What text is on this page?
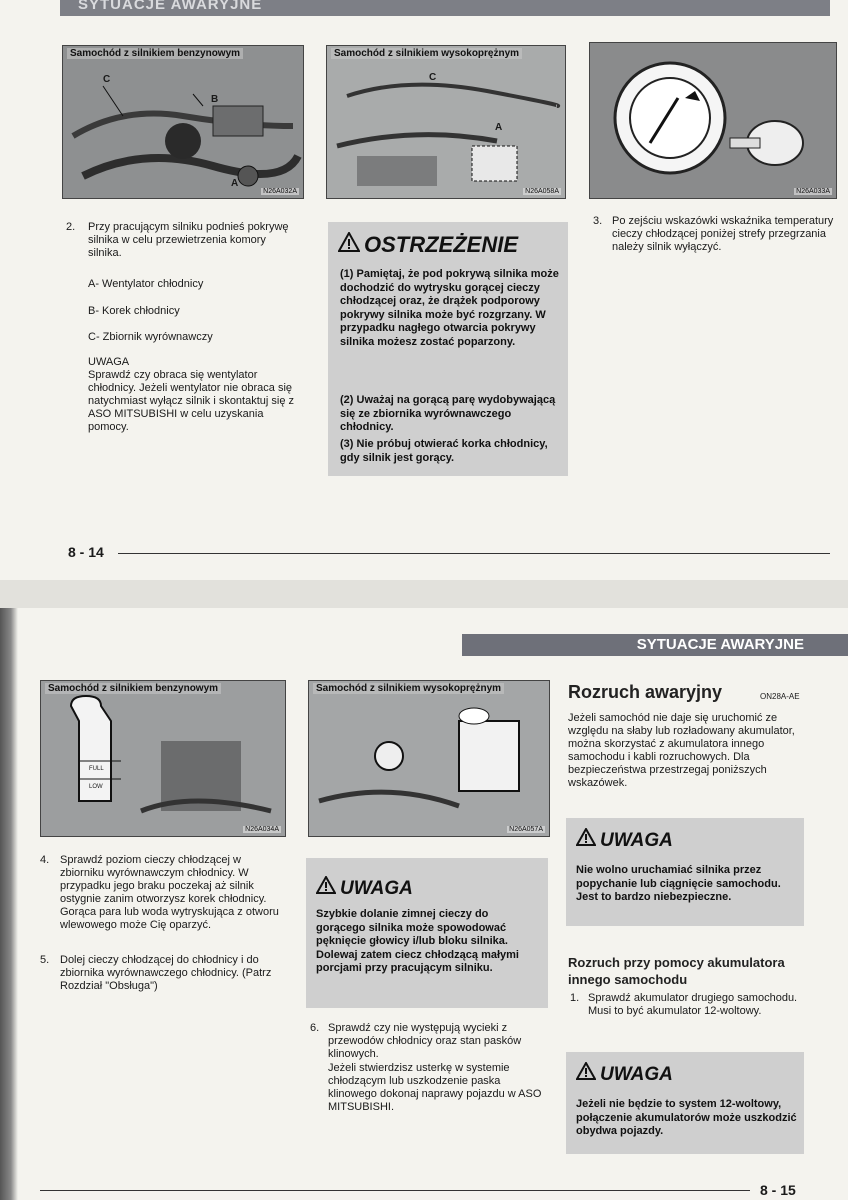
SYTUACJE AWARYJNE
Samochód z silnikiem benzynowym
C
B
A
N26A032A
Samochód z silnikiem wysokoprężnym
C
A
N26A058A	N26A033A
2.	Przy pracującym silniku podnieś pokrywę silnika w celu przewietrzenia komory silnika.
A- Wentylator chłodnicy
B- Korek chłodnicy
C- Zbiornik wyrównawczy
UWAGA
Sprawdź czy obraca się wentylator chłodnicy. Jeżeli wentylator nie obraca się natychmiast wyłącz silnik i skontaktuj się z ASO MITSUBISHI w celu uzyskania pomocy.
OSTRZEŻENIE
(1) Pamiętaj, że pod pokrywą silnika może dochodzić do wytrysku gorącej cieczy chłodzącej oraz, że drążek podporowy pokrywy silnika może być rozgrzany. W przypadku nagłego otwarcia pokrywy silnika możesz zostać poparzony.
(2) Uważaj na gorącą parę wydobywającą się ze zbiornika wyrównawczego chłodnicy.
(3) Nie próbuj otwierać korka chłodnicy, gdy silnik jest gorący.
3. Po zejściu wskazówki wskaźnika temperatury cieczy chłodzącej poniżej strefy przegrzania należy silnik wyłączyć.
8 - 14
SYTUACJE AWARYJNE
Samochód z silnikiem benzynowym
FULL
LOW
N26A034A
Samochód z silnikiem wysokoprężnym
N26A057A
4. Sprawdź poziom cieczy chłodzącej w zbiorniku wyrównawczym chłodnicy. W przypadku jego braku poczekaj aż silnik ostygnie zanim otworzysz korek chłodnicy. Gorąca para lub woda wytryskująca z otworu wlewowego może Cię oparzyć.
5. Dolej cieczy chłodzącej do chłodnicy i do zbiornika wyrównawczego chłodnicy. (Patrz Rozdział "Obsługa")
UWAGA
Szybkie dolanie zimnej cieczy do gorącego silnika może spowodować pęknięcie głowicy i/lub bloku silnika. Dolewaj zatem ciecz chłodzącą małymi porcjami przy pracującym silniku.
6. Sprawdź czy nie występują wycieki z przewodów chłodnicy oraz stan pasków klinowych.
Jeżeli stwierdzisz usterkę w systemie chłodzącym lub uszkodzenie paska klinowego dokonaj naprawy pojazdu w ASO MITSUBISHI.
Rozruch awaryjny	ON28A-AE
Jeżeli samochód nie daje się uruchomić ze względu na słaby lub rozładowany akumulator, można skorzystać z akumulatora innego samochodu i kabli rozruchowych. Dla bezpieczeństwa przestrzegaj poniższych wskazówek.
UWAGA
Nie wolno uruchamiać silnika przez popychanie lub ciągnięcie samochodu. Jest to bardzo niebezpieczne.
Rozruch przy pomocy akumulatora innego samochodu
1. Sprawdź akumulator drugiego samochodu. Musi to być akumulator 12-woltowy.
UWAGA
Jeżeli nie będzie to system 12-woltowy, połączenie akumulatorów może uszkodzić obydwa pojazdy.
8 - 15
